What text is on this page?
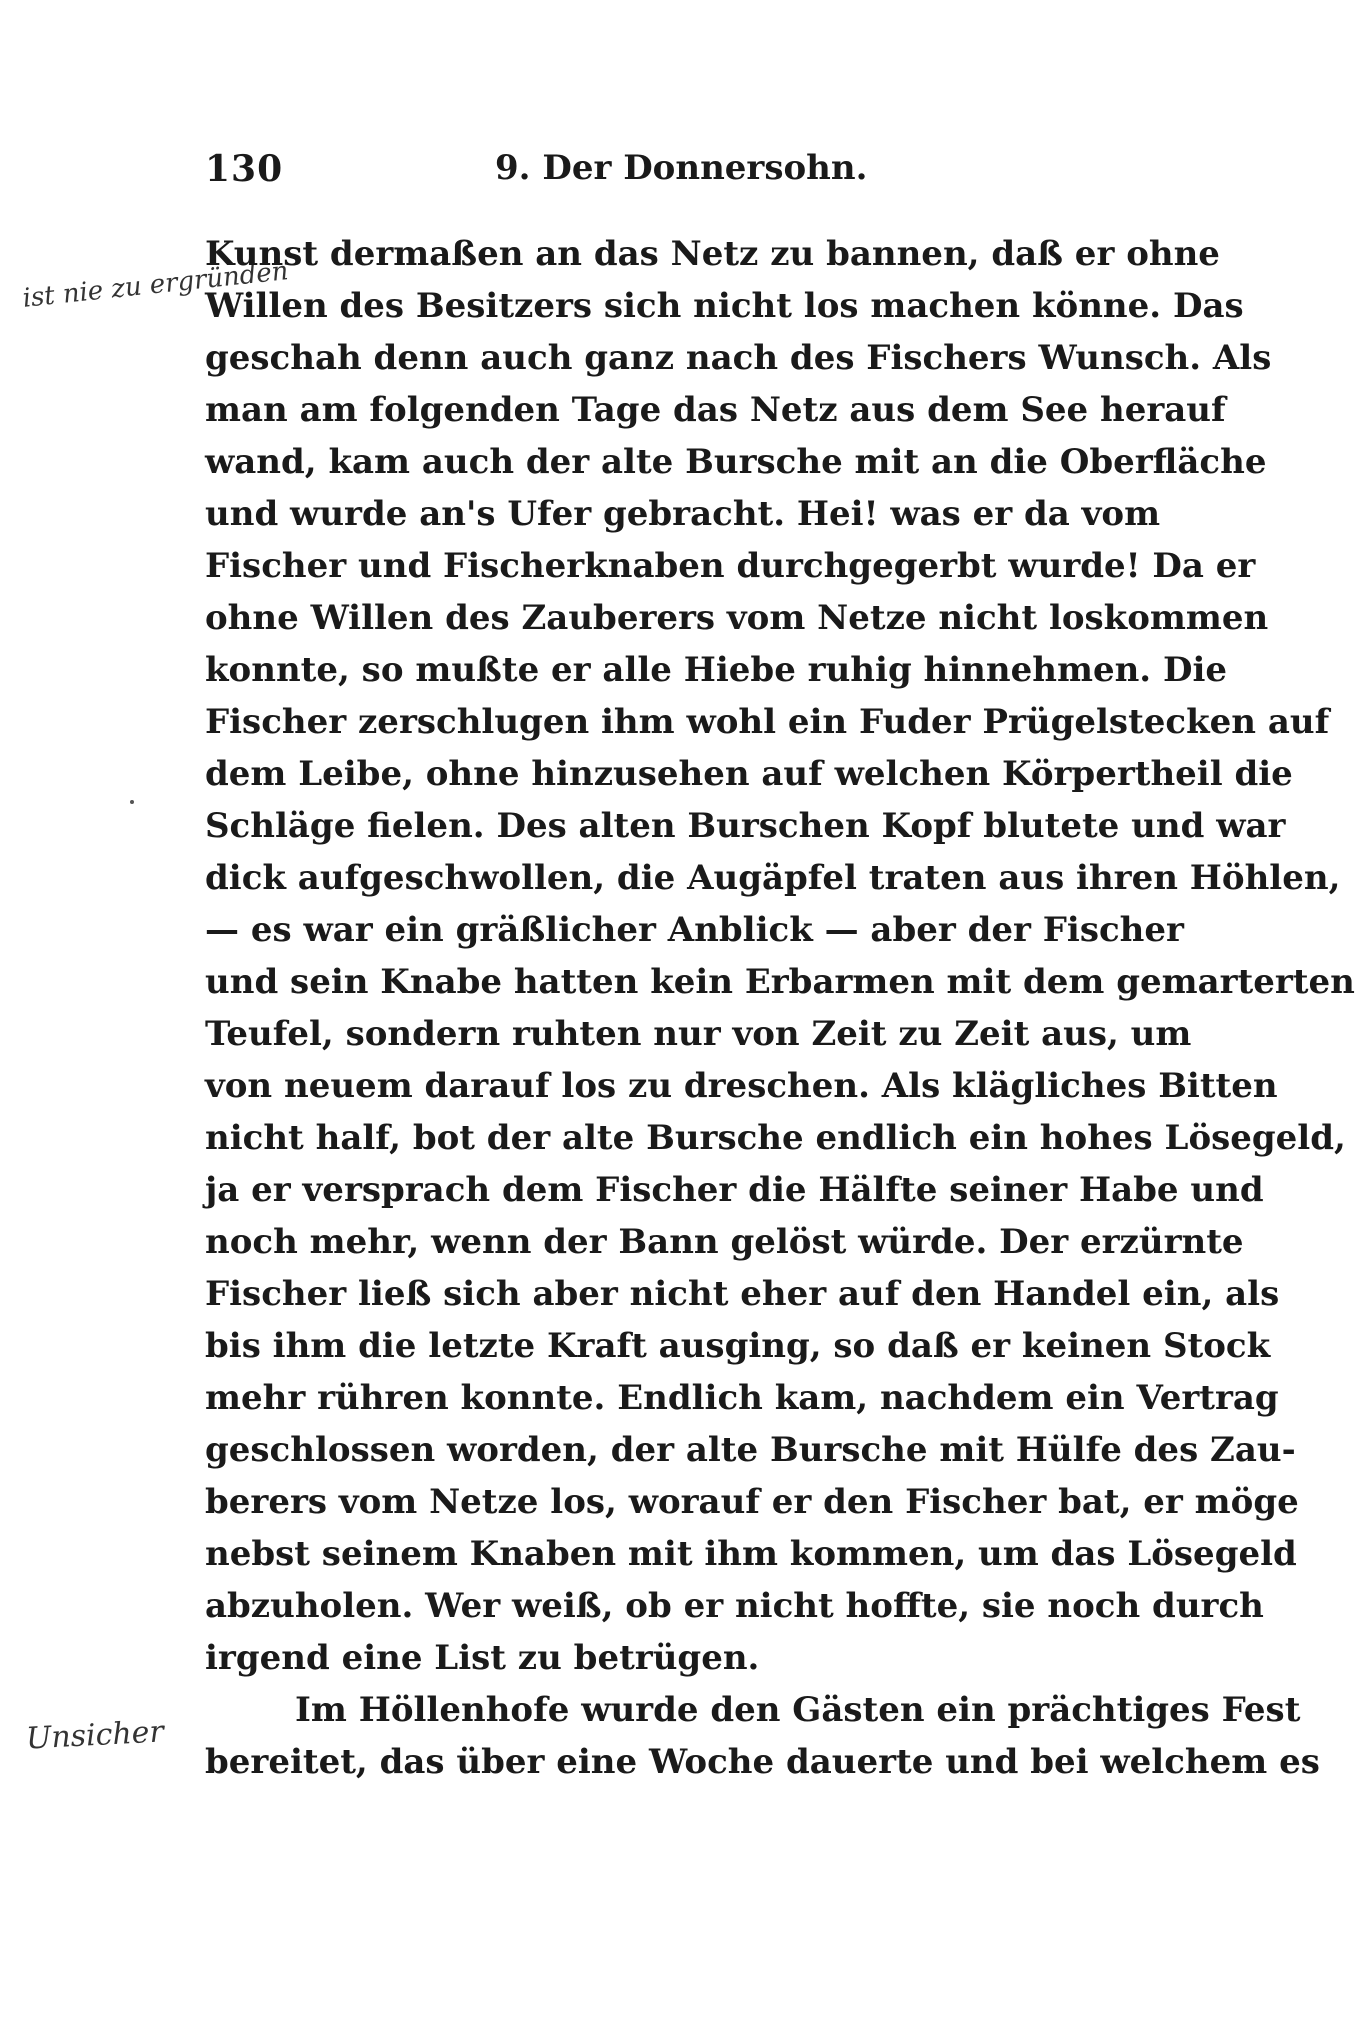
130	9. Der Donnersohn.
ist nie zu ergründen
Unsicher
Kunst dermaßen an das Netz zu bannen, daß er ohne
Willen des Besitzers sich nicht los machen könne. Das
geschah denn auch ganz nach des Fischers Wunsch. Als
man am folgenden Tage das Netz aus dem See herauf
wand, kam auch der alte Bursche mit an die Oberfläche
und wurde an's Ufer gebracht. Hei! was er da vom
Fischer und Fischerknaben durchgegerbt wurde! Da er
ohne Willen des Zauberers vom Netze nicht loskommen
konnte, so mußte er alle Hiebe ruhig hinnehmen. Die
Fischer zerschlugen ihm wohl ein Fuder Prügelstecken auf
dem Leibe, ohne hinzusehen auf welchen Körpertheil die
Schläge fielen. Des alten Burschen Kopf blutete und war
dick aufgeschwollen, die Augäpfel traten aus ihren Höhlen,
— es war ein gräßlicher Anblick — aber der Fischer
und sein Knabe hatten kein Erbarmen mit dem gemarterten
Teufel, sondern ruhten nur von Zeit zu Zeit aus, um
von neuem darauf los zu dreschen. Als klägliches Bitten
nicht half, bot der alte Bursche endlich ein hohes Lösegeld,
ja er versprach dem Fischer die Hälfte seiner Habe und
noch mehr, wenn der Bann gelöst würde. Der erzürnte
Fischer ließ sich aber nicht eher auf den Handel ein, als
bis ihm die letzte Kraft ausging, so daß er keinen Stock
mehr rühren konnte. Endlich kam, nachdem ein Vertrag
geschlossen worden, der alte Bursche mit Hülfe des Zau-
berers vom Netze los, worauf er den Fischer bat, er möge
nebst seinem Knaben mit ihm kommen, um das Lösegeld
abzuholen. Wer weiß, ob er nicht hoffte, sie noch durch
irgend eine List zu betrügen.
Im Höllenhofe wurde den Gästen ein prächtiges Fest
bereitet, das über eine Woche dauerte und bei welchem es
